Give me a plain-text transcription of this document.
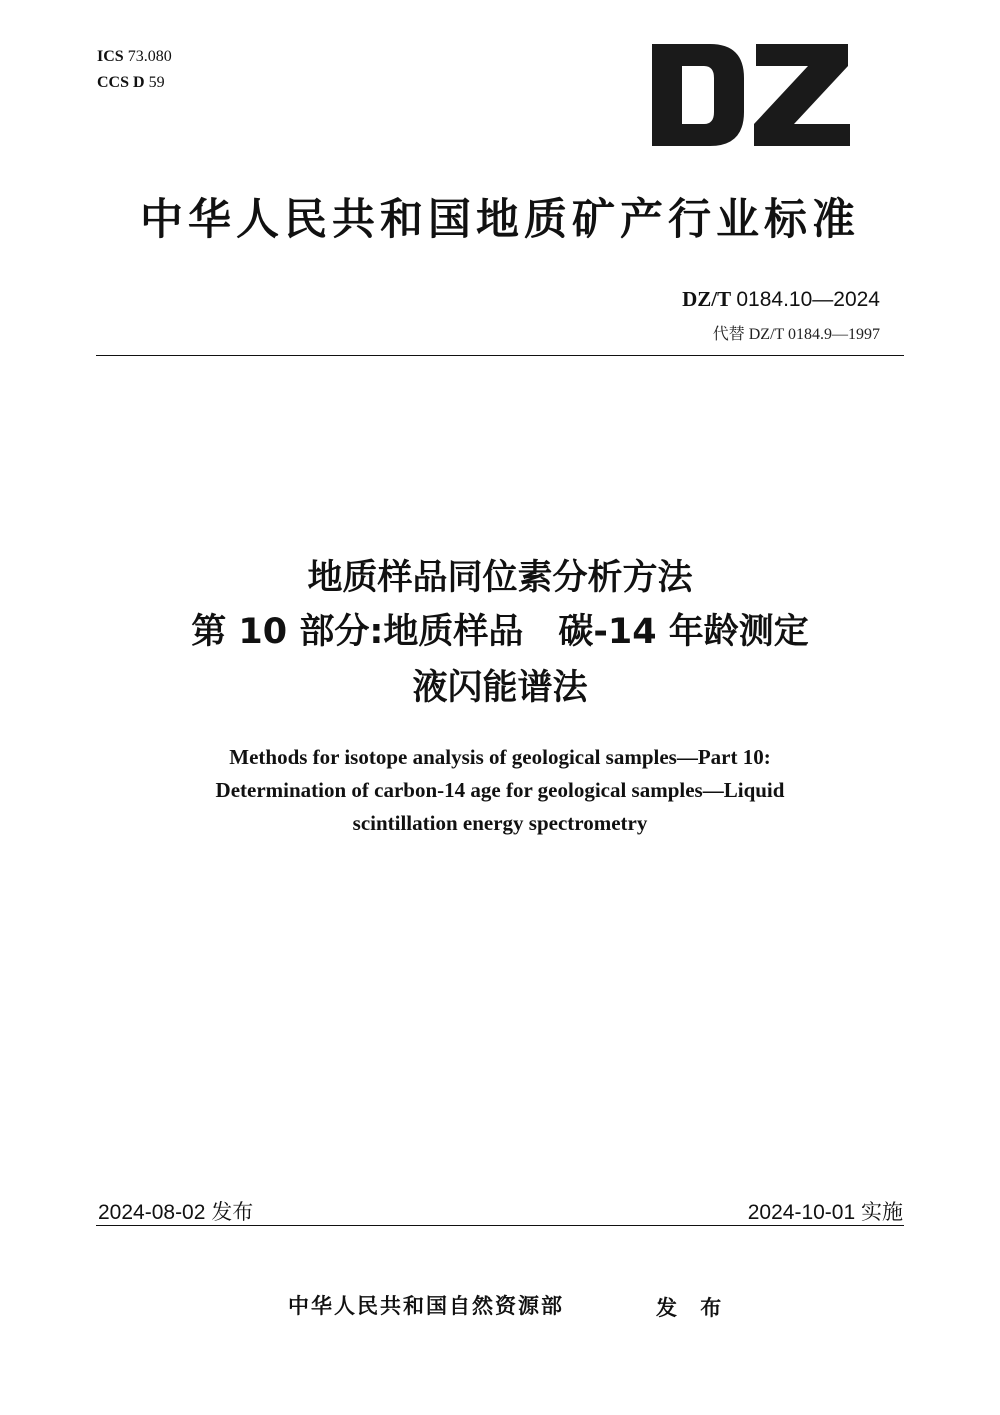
ICS 73.080
CCS D 59
中华人民共和国地质矿产行业标准
DZ/T 0184.10—2024
代替 DZ/T 0184.9—1997
地质样品同位素分析方法
第 10 部分:地质样品　碳-14 年龄测定
液闪能谱法
Methods for isotope analysis of geological samples—Part 10:
Determination of carbon-14 age for geological samples—Liquid
scintillation energy spectrometry
2024-08-02 发布	2024-10-01 实施
中华人民共和国自然资源部	发 布
